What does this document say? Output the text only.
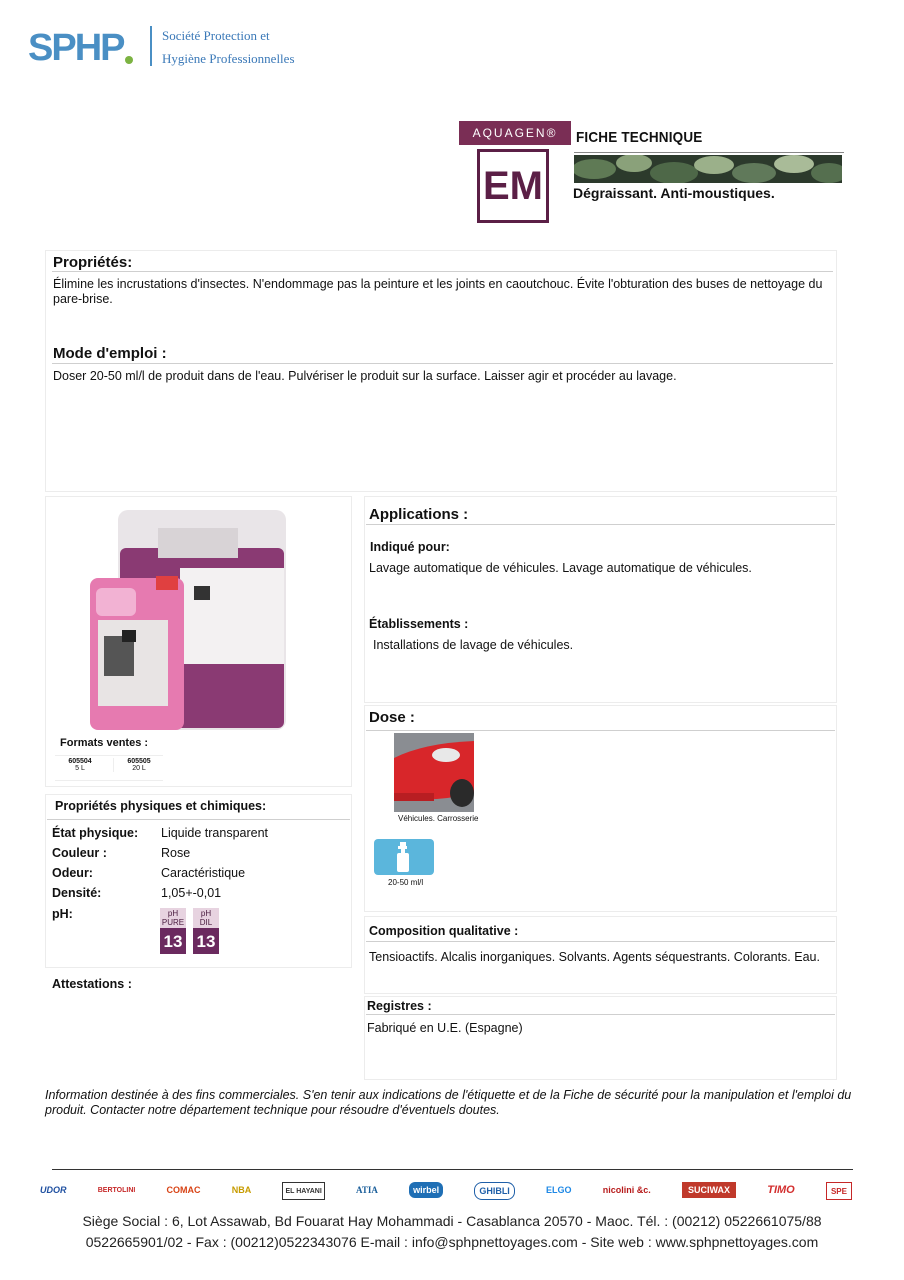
SPHP	Société Protection et
Hygiène Professionnelles
AQUAGEN®
EM
FICHE TECHNIQUE
Dégraissant. Anti-moustiques.
Propriétés:
Élimine les incrustations d'insectes. N'endommage pas la peinture et les joints en caoutchouc. Évite l'obturation des buses de nettoyage du pare-brise.
Mode d'emploi :
Doser 20-50 ml/l de produit dans de l'eau. Pulvériser le produit sur la surface. Laisser agir et procéder au lavage.
Formats ventes :
605504
5 L
605505
20 L
Propriétés physiques et chimiques:
État physique: Liquide transparent
Couleur :	Rose
Odeur:	Caractéristique
Densité:	1,05+-0,01
pH:	pH
PURE
13
pH
DIL
13
Attestations :
Applications :
Indiqué pour:
Lavage automatique de véhicules. Lavage automatique de véhicules.
Établissements :
Installations de lavage de véhicules.
Dose :
Véhicules. Carrosserie
20-50 ml/l
Composition qualitative :
Tensioactifs. Alcalis inorganiques. Solvants. Agents séquestrants. Colorants. Eau.
Registres :
Fabriqué en U.E. (Espagne)
Information destinée à des fins commerciales. S'en tenir aux indications de l'étiquette et de la Fiche de sécurité pour la manipulation et l'emploi du produit. Contacter notre département technique pour résoudre d'éventuels doutes.
UDOR	BERTOLINI	COMAC	NBA	EL HAYANI	ATIA	wirbel	GHIBLI	ELGO	nicolini &c.	SUCIWAX	TIMO	SPE
Siège Social : 6, Lot Assawab, Bd Fouarat Hay Mohammadi - Casablanca 20570 - Maoc. Tél. : (00212) 0522661075/88
0522665901/02 - Fax : (00212)0522343076 E-mail : info@sphpnettoyages.com - Site web : www.sphpnettoyages.com
